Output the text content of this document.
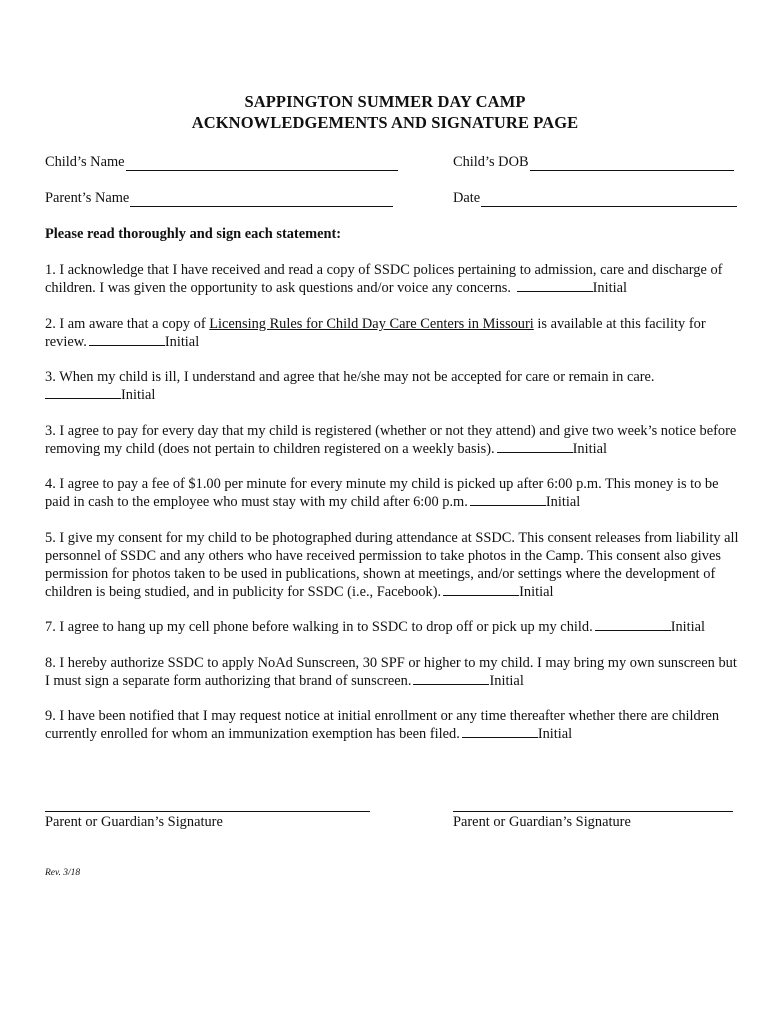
SAPPINGTON SUMMER DAY CAMP
ACKNOWLEDGEMENTS AND SIGNATURE PAGE
Child’s Name	Child’s DOB
Parent’s Name	Date
Please read thoroughly and sign each statement:
1. I acknowledge that I have received and read a copy of SSDC polices pertaining to admission, care and discharge of children. I was given the opportunity to ask questions and/or voice any concerns.	Initial
2. I am aware that a copy of Licensing Rules for Child Day Care Centers in Missouri is available at this facility for review.	Initial
3. When my child is ill, I understand and agree that he/she may not be accepted for care or remain in care.
Initial
3. I agree to pay for every day that my child is registered (whether or not they attend) and give two week’s notice before removing my child (does not pertain to children registered on a weekly basis).	Initial
4. I agree to pay a fee of $1.00 per minute for every minute my child is picked up after 6:00 p.m. This money is to be paid in cash to the employee who must stay with my child after 6:00 p.m.	Initial
5. I give my consent for my child to be photographed during attendance at SSDC. This consent releases from liability all personnel of SSDC and any others who have received permission to take photos in the Camp. This consent also gives permission for photos taken to be used in publications, shown at meetings, and/or settings where the development of children is being studied, and in publicity for SSDC (i.e., Facebook).	Initial
7. I agree to hang up my cell phone before walking in to SSDC to drop off or pick up my child.	Initial
8. I hereby authorize SSDC to apply NoAd Sunscreen, 30 SPF or higher to my child. I may bring my own sunscreen but I must sign a separate form authorizing that brand of sunscreen.	Initial
9. I have been notified that I may request notice at initial enrollment or any time thereafter whether there are children currently enrolled for whom an immunization exemption has been filed.	Initial
Parent or Guardian’s Signature	Parent or Guardian’s Signature
Rev. 3/18
